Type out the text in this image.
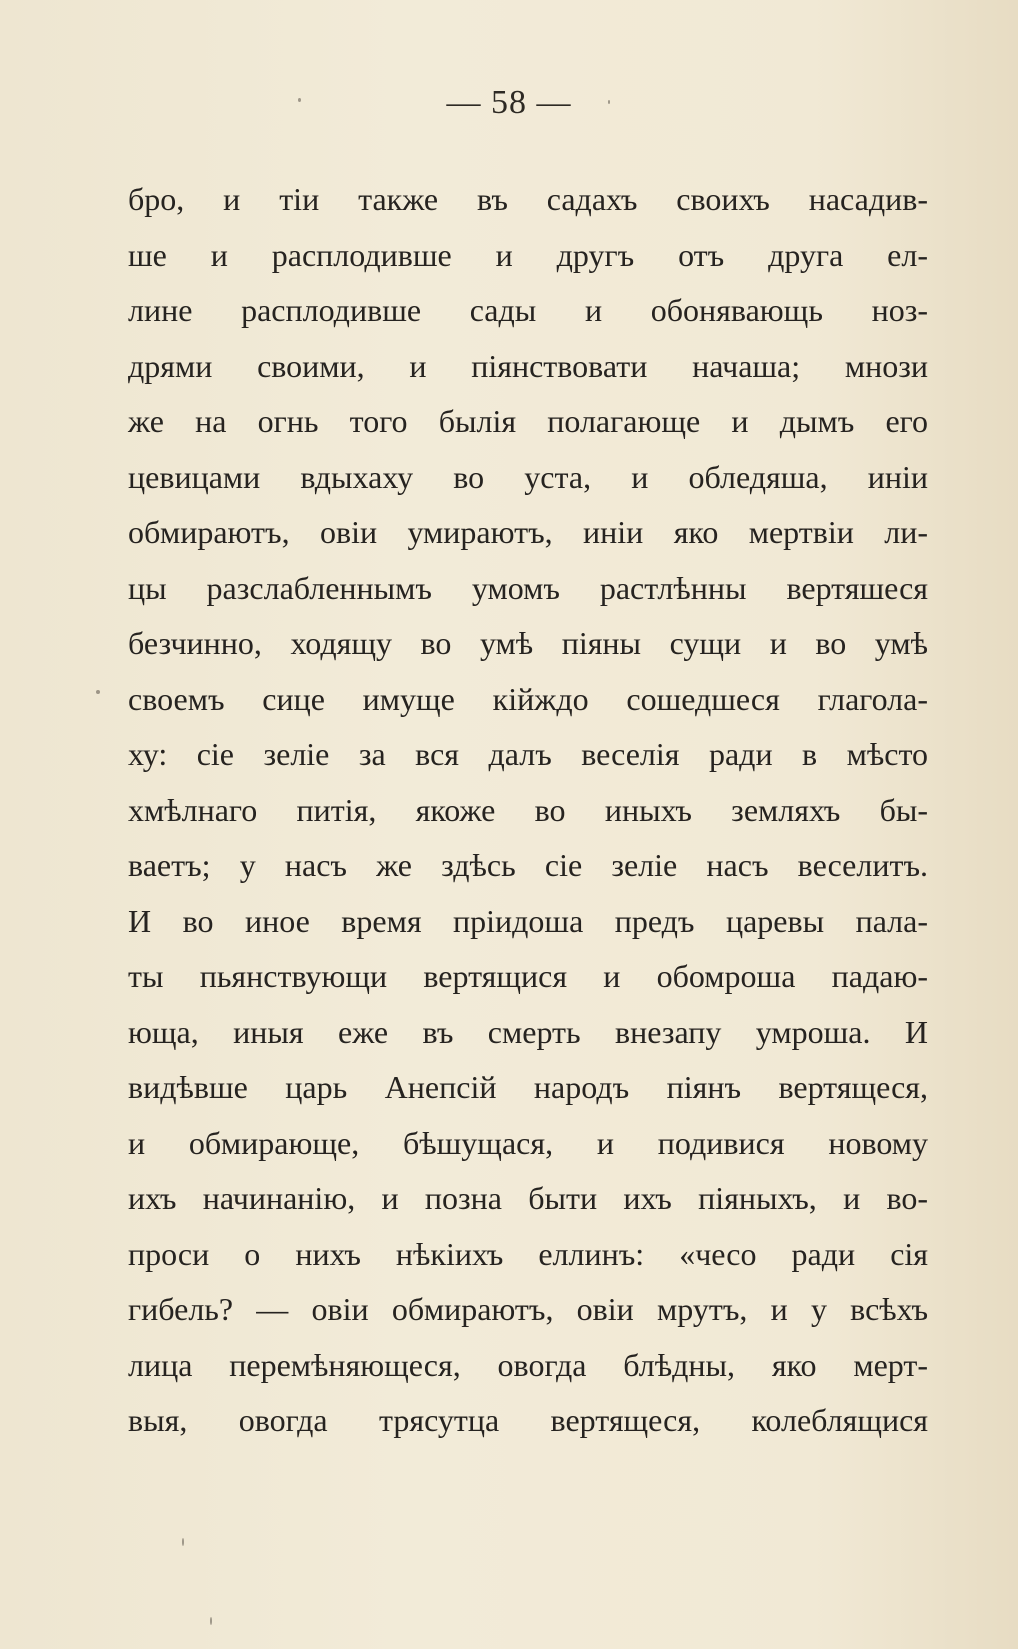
— 58 —
бро, и тіи также въ садахъ своихъ насадив-
ше и расплодивше и другъ отъ друга ел-
лине расплодивше сады и обонявающь ноз-
дрями своими, и піянствовати начаша; мнози
же на огнь того былія полагающе и дымъ его
цевицами вдыхаху во уста, и обледяша, иніи
обмираютъ, овіи умираютъ, иніи яко мертвіи ли-
цы разслабленнымъ умомъ растлѣнны вертяшеся
безчинно, ходящу во умѣ піяны сущи и во умѣ
своемъ сице имуще кійждо сошедшеся глагола-
ху: сіе зеліе за вся далъ веселія ради в мѣсто
хмѣлнаго питія, якоже во иныхъ земляхъ бы-
ваетъ; у насъ же здѣсь сіе зеліе насъ веселитъ.
И во иное время пріидоша предъ царевы пала-
ты пьянствующи вертящися и обомроша падаю-
юща, иныя еже въ смерть внезапу умроша. И
видѣвше царь Анепсій народъ піянъ вертящеся,
и обмирающе, бѣшущася, и подивися новому
ихъ начинанію, и позна быти ихъ піяныхъ, и во-
проси о нихъ нѣкіихъ еллинъ: «чесо ради сія
гибель? — овіи обмираютъ, овіи мрутъ, и у всѣхъ
лица перемѣняющеся, овогда блѣдны, яко мерт-
выя, овогда трясутца вертящеся, колеблящися
